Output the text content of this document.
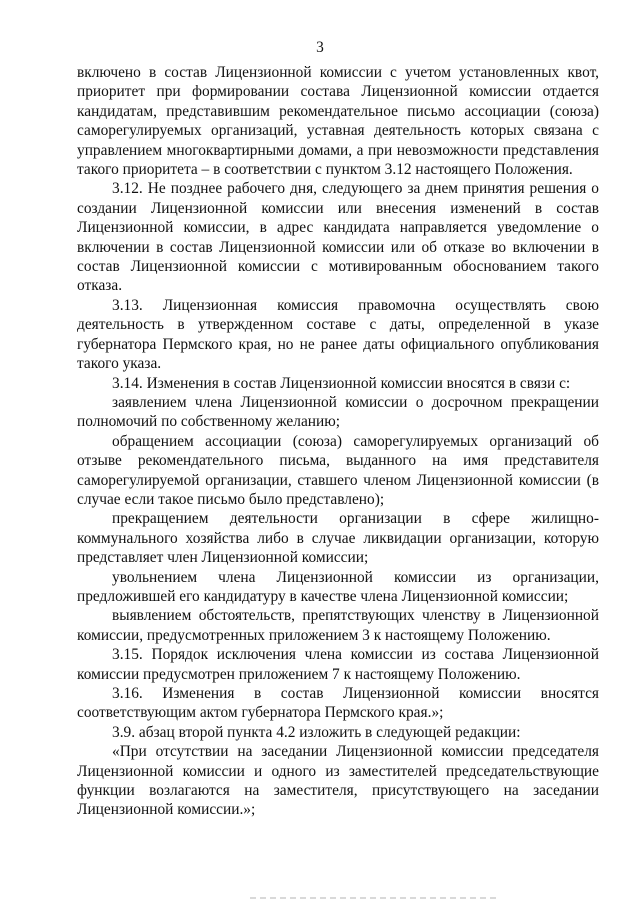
3

включено в состав Лицензионной комиссии с учетом установленных квот, приоритет при формировании состава Лицензионной комиссии отдается кандидатам, представившим рекомендательное письмо ассоциации (союза) саморегулируемых организаций, уставная деятельность которых связана с управлением многоквартирными домами, а при невозможности представления такого приоритета – в соответствии с пунктом 3.12 настоящего Положения.

3.12. Не позднее рабочего дня, следующего за днем принятия решения о создании Лицензионной комиссии или внесения изменений в состав Лицензионной комиссии, в адрес кандидата направляется уведомление о включении в состав Лицензионной комиссии или об отказе во включении в состав Лицензионной комиссии с мотивированным обоснованием такого отказа.

3.13. Лицензионная комиссия правомочна осуществлять свою деятельность в утвержденном составе с даты, определенной в указе губернатора Пермского края, но не ранее даты официального опубликования такого указа.

3.14. Изменения в состав Лицензионной комиссии вносятся в связи с:

заявлением члена Лицензионной комиссии о досрочном прекращении полномочий по собственному желанию;

обращением ассоциации (союза) саморегулируемых организаций об отзыве рекомендательного письма, выданного на имя представителя саморегулируемой организации, ставшего членом Лицензионной комиссии (в случае если такое письмо было представлено);

прекращением деятельности организации в сфере жилищно-коммунального хозяйства либо в случае ликвидации организации, которую представляет член Лицензионной комиссии;

увольнением члена Лицензионной комиссии из организации, предложившей его кандидатуру в качестве члена Лицензионной комиссии;

выявлением обстоятельств, препятствующих членству в Лицензионной комиссии, предусмотренных приложением 3 к настоящему Положению.

3.15. Порядок исключения члена комиссии из состава Лицензионной комиссии предусмотрен приложением 7 к настоящему Положению.

3.16. Изменения в состав Лицензионной комиссии вносятся соответствующим актом губернатора Пермского края.»;

3.9. абзац второй пункта 4.2 изложить в следующей редакции:

«При отсутствии на заседании Лицензионной комиссии председателя Лицензионной комиссии и одного из заместителей председательствующие функции возлагаются на заместителя, присутствующего на заседании Лицензионной комиссии.»;
